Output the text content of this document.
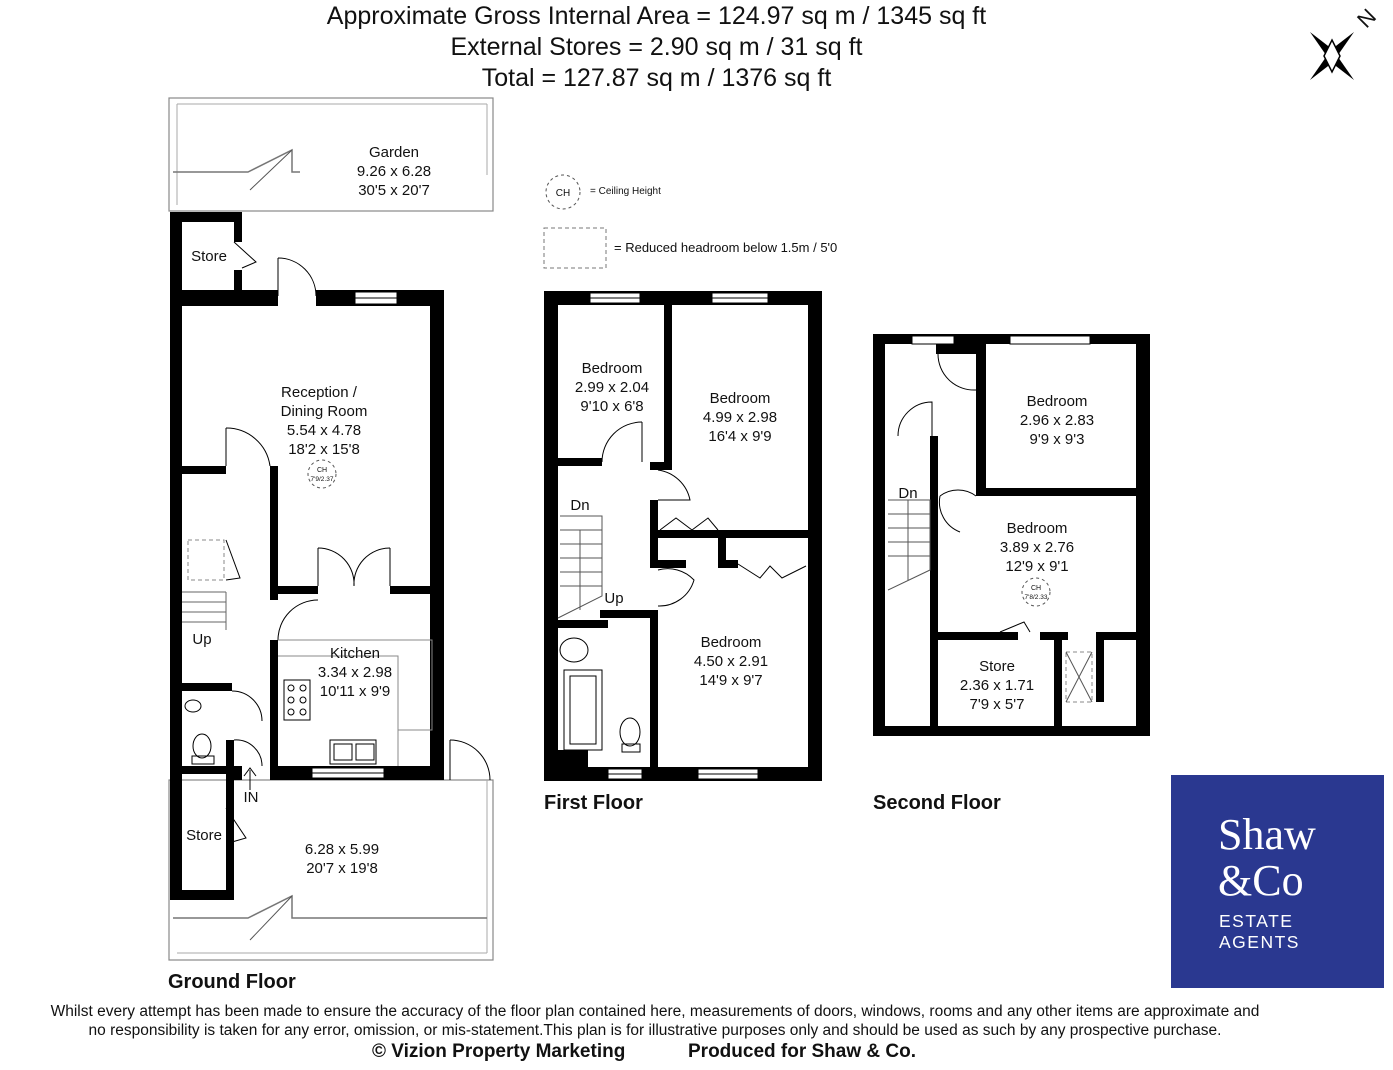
Approximate Gross Internal Area = 124.97 sq m / 1345 sq ft
External Stores = 2.90 sq m / 31 sq ft
Total = 127.87 sq m / 1376 sq ft
N
CH = Ceiling Height
= Reduced headroom below 1.5m / 5'0
Garden
9.26 x 6.28
30'5 x 20'7
Store
Reception /
Dining Room
5.54 x 4.78
18'2 x 15'8
CH
7'9/2.37
Kitchen
3.34 x 2.98
10'11 x 9'9
Up
IN
Store
6.28 x 5.99
20'7 x 19'8
Ground Floor
Bedroom
2.99 x 2.04
9'10 x 6'8	Bedroom
4.99 x 2.98
16'4 x 9'9
Bedroom
4.50 x 2.91
14'9 x 9'7
Dn
Up
First Floor
Bedroom
2.96 x 2.83
9'9 x 9'3
Bedroom
3.89 x 2.76
12'9 x 9'1
CH
7'8/2.33
Store
2.36 x 1.71
7'9 x 5'7
Dn
Second Floor
Shaw
&Co
ESTATE
AGENTS
Whilst every attempt has been made to ensure the accuracy of the floor plan contained here, measurements of doors, windows, rooms and any other items are approximate and
no responsibility is taken for any error, omission, or mis-statement.This plan is for illustrative purposes only and should be used as such by any prospective purchase.
© Vizion Property Marketing	Produced for Shaw & Co.
